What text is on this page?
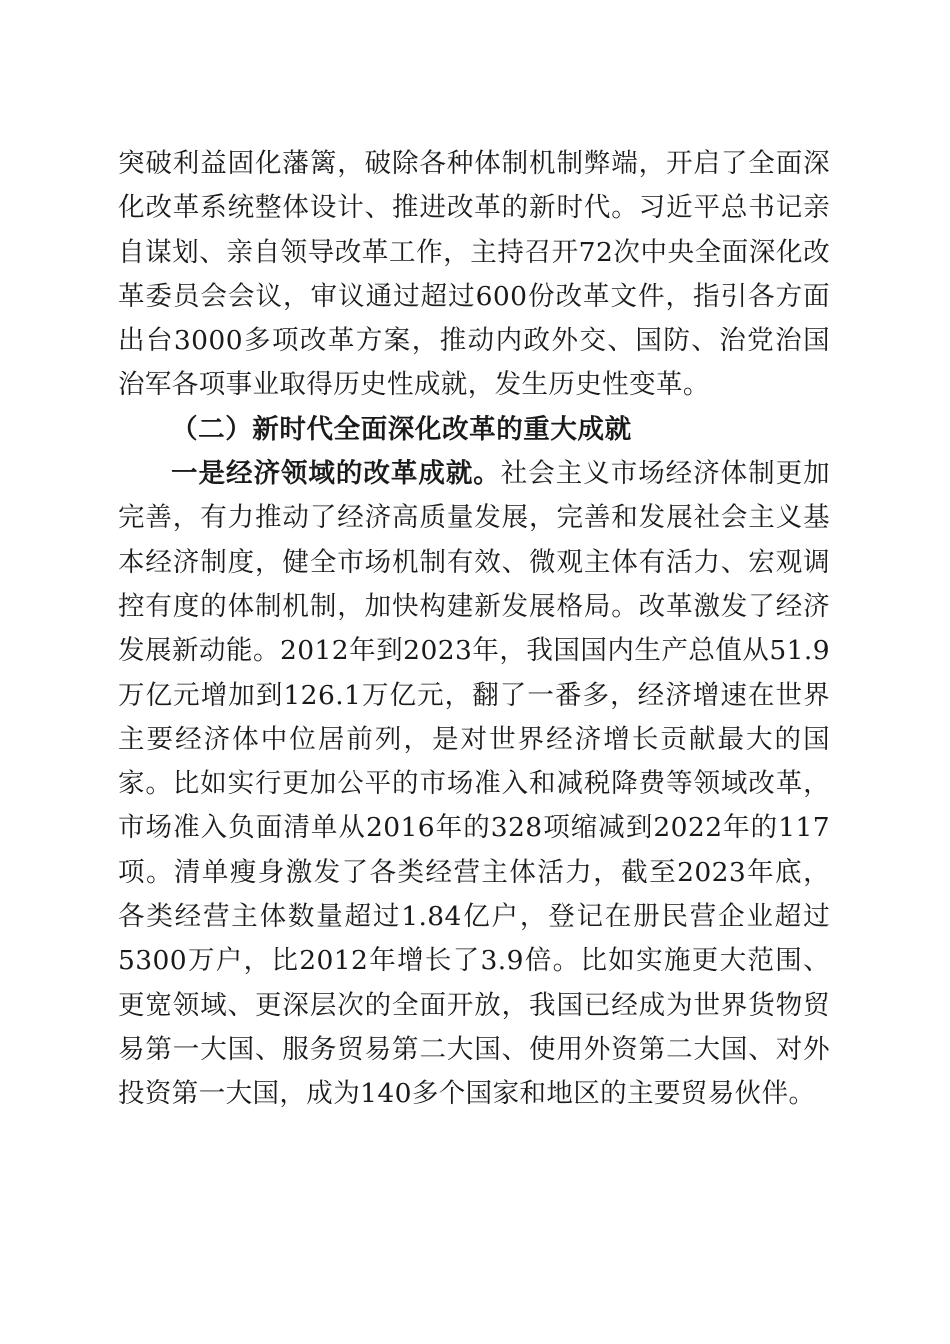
突破利益固化藩篱，破除各种体制机制弊端，开启了全面深化改革系统整体设计、推进改革的新时代。习近平总书记亲自谋划、亲自领导改革工作，主持召开72次中央全面深化改革委员会会议，审议通过超过600份改革文件，指引各方面出台3000多项改革方案，推动内政外交、国防、治党治国治军各项事业取得历史性成就，发生历史性变革。

（二）新时代全面深化改革的重大成就

一是经济领域的改革成就。社会主义市场经济体制更加完善，有力推动了经济高质量发展，完善和发展社会主义基本经济制度，健全市场机制有效、微观主体有活力、宏观调控有度的体制机制，加快构建新发展格局。改革激发了经济发展新动能。2012年到2023年，我国国内生产总值从51.9万亿元增加到126.1万亿元，翻了一番多，经济增速在世界主要经济体中位居前列，是对世界经济增长贡献最大的国家。比如实行更加公平的市场准入和减税降费等领域改革，市场准入负面清单从2016年的328项缩减到2022年的117项。清单瘦身激发了各类经营主体活力，截至2023年底，各类经营主体数量超过1.84亿户，登记在册民营企业超过5300万户，比2012年增长了3.9倍。比如实施更大范围、更宽领域、更深层次的全面开放，我国已经成为世界货物贸易第一大国、服务贸易第二大国、使用外资第二大国、对外投资第一大国，成为140多个国家和地区的主要贸易伙伴。
